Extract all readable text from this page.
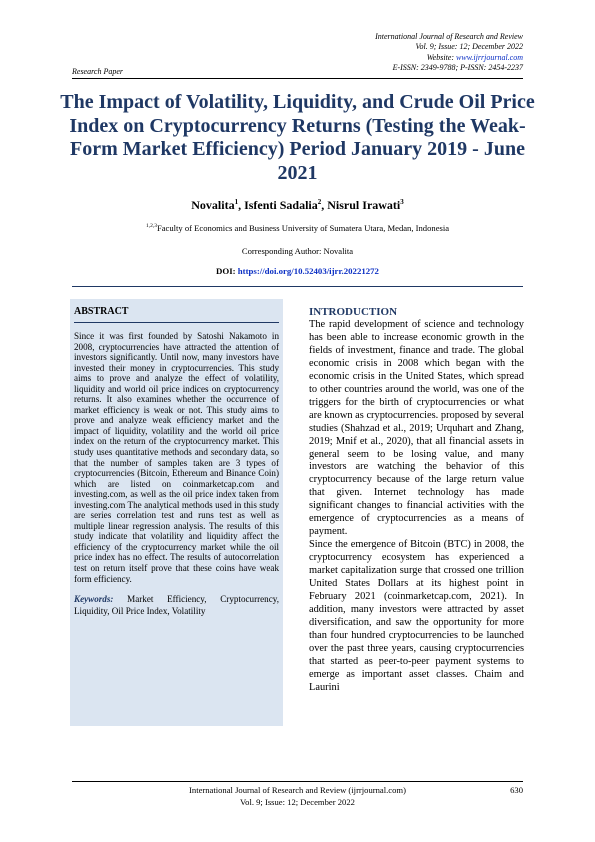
International Journal of Research and Review
Vol. 9; Issue: 12; December 2022
Website: www.ijrrjournal.com
E-ISSN: 2349-9788; P-ISSN: 2454-2237
Research Paper
The Impact of Volatility, Liquidity, and Crude Oil Price Index on Cryptocurrency Returns (Testing the Weak-Form Market Efficiency) Period January 2019 - June 2021
Novalita$^1$, Isfenti Sadalia$^2$, Nisrul Irawati$^3$
$^{1,2,3}$Faculty of Economics and Business University of Sumatera Utara, Medan, Indonesia
Corresponding Author: Novalita
DOI: https://doi.org/10.52403/ijrr.20221272
ABSTRACT
Since it was first founded by Satoshi Nakamoto in 2008, cryptocurrencies have attracted the attention of investors significantly. Until now, many investors have invested their money in cryptocurrencies. This study aims to prove and analyze the effect of volatility, liquidity and world oil price indices on cryptocurrency returns. It also examines whether the occurrence of market efficiency is weak or not. This study aims to prove and analyze weak efficiency market and the impact of liquidity, volatility and the world oil price index on the return of the cryptocurrency market. This study uses quantitative methods and secondary data, so that the number of samples taken are 3 types of cryptocurrencies (Bitcoin, Ethereum and Binance Coin) which are listed on coinmarketcap.com and investing.com, as well as the oil price index taken from investing.com The analytical methods used in this study are series correlation test and runs test as well as multiple linear regression analysis. The results of this study indicate that volatility and liquidity affect the efficiency of the cryptocurrency market while the oil price index has no effect. The results of autocorrelation test on return itself prove that these coins have weak form efficiency.
Keywords: Market Efficiency, Cryptocurrency, Liquidity, Oil Price Index, Volatility
INTRODUCTION

The rapid development of science and technology has been able to increase economic growth in the fields of investment, finance and trade. The global economic crisis in 2008 which began with the economic crisis in the United States, which spread to other countries around the world, was one of the triggers for the birth of cryptocurrencies or what are known as cryptocurrencies. proposed by several studies (Shahzad et al., 2019; Urquhart and Zhang, 2019; Mnif et al., 2020), that all financial assets in general seem to be losing value, and many investors are watching the behavior of this cryptocurrency because of the large return value that given. Internet technology has made significant changes to financial activities with the emergence of cryptocurrencies as a means of payment.

Since the emergence of Bitcoin (BTC) in 2008, the cryptocurrency ecosystem has experienced a market capitalization surge that crossed one trillion United States Dollars at its highest point in February 2021 (coinmarketcap.com, 2021). In addition, many investors were attracted by asset diversification, and saw the opportunity for more than four hundred cryptocurrencies to be launched over the past three years, causing cryptocurrencies that started as peer-to-peer payment systems to emerge as important asset classes. Chaim and Laurini

International Journal of Research and Review (ijrrjournal.com)
Vol. 9; Issue: 12; December 2022
630
